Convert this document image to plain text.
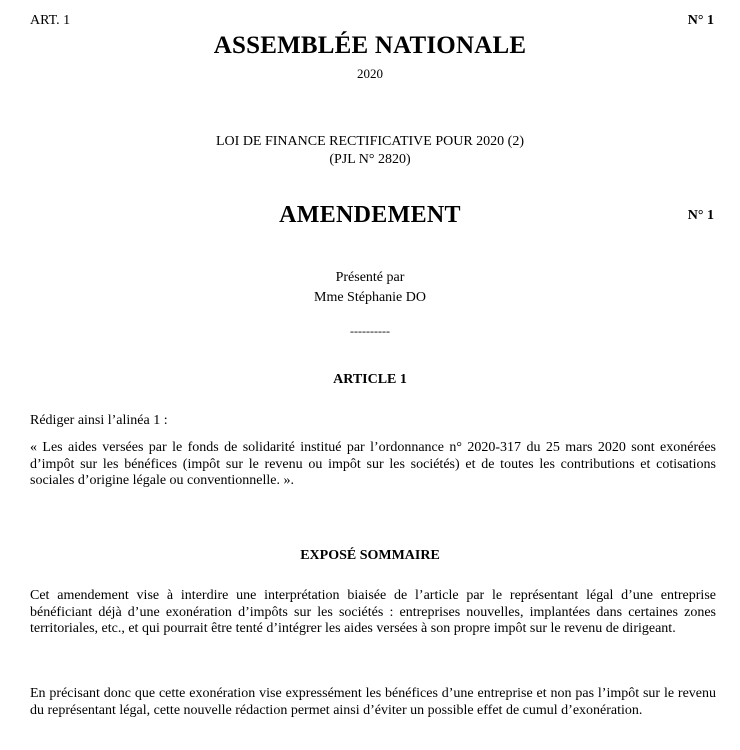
ART. 1	N° 1
ASSEMBLÉE NATIONALE
2020
LOI DE FINANCE RECTIFICATIVE POUR 2020 (2)
(PJL N° 2820)
AMENDEMENT	N° 1
Présenté par
Mme Stéphanie DO
----------
ARTICLE 1
Rédiger ainsi l’alinéa 1 :
« Les aides versées par le fonds de solidarité institué par l’ordonnance n° 2020-317 du 25 mars 2020 sont exonérées d’impôt sur les bénéfices (impôt sur le revenu ou impôt sur les sociétés) et de toutes les contributions et cotisations sociales d’origine légale ou conventionnelle. ».
EXPOSÉ SOMMAIRE
Cet amendement vise à interdire une interprétation biaisée de l’article par le représentant légal d’une entreprise bénéficiant déjà d’une exonération d’impôts sur les sociétés : entreprises nouvelles, implantées dans certaines zones territoriales, etc., et qui pourrait être tenté d’intégrer les aides versées à son propre impôt sur le revenu de dirigeant.
En précisant donc que cette exonération vise expressément les bénéfices d’une entreprise et non pas l’impôt sur le revenu du représentant légal, cette nouvelle rédaction permet ainsi d’éviter un possible effet de cumul d’exonération.
